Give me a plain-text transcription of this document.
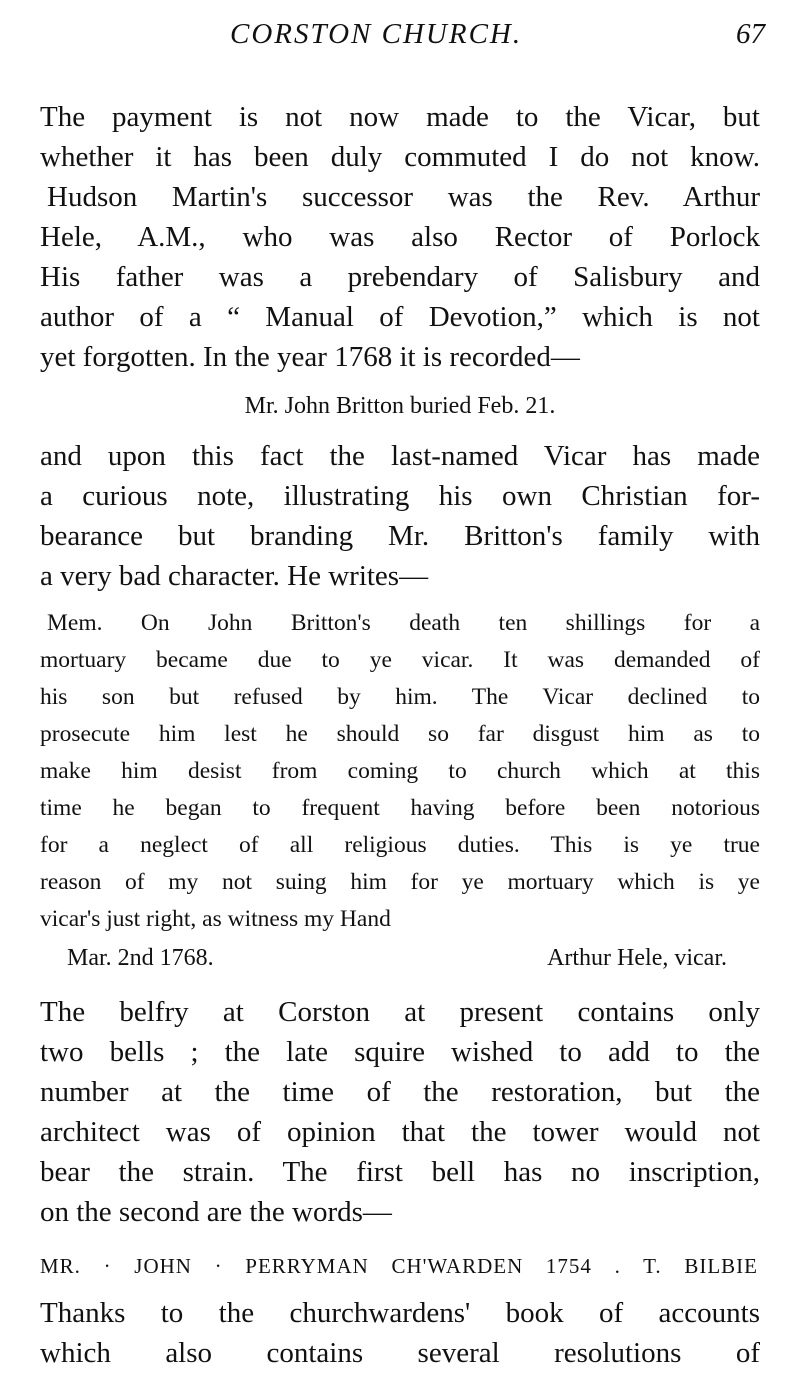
CORSTON CHURCH.	67
The payment is not now made to the Vicar, but
whether it has been duly commuted I do not know.
Hudson Martin's successor was the Rev. Arthur
Hele, A.M., who was also Rector of Porlock
His father was a prebendary of Salisbury and
author of a “ Manual of Devotion,” which is not
yet forgotten. In the year 1768 it is recorded—
Mr. John Britton buried Feb. 21.
and upon this fact the last-named Vicar has made
a curious note, illustrating his own Christian for-
bearance but branding Mr. Britton's family with
a very bad character. He writes—
Mem. On John Britton's death ten shillings for a
mortuary became due to ye vicar. It was demanded of
his son but refused by him. The Vicar declined to
prosecute him lest he should so far disgust him as to
make him desist from coming to church which at this
time he began to frequent having before been notorious
for a neglect of all religious duties. This is ye true
reason of my not suing him for ye mortuary which is ye
vicar's just right, as witness my Hand
Mar. 2nd 1768.	Arthur Hele, vicar.
The belfry at Corston at present contains only
two bells ; the late squire wished to add to the
number at the time of the restoration, but the
architect was of opinion that the tower would not
bear the strain. The first bell has no inscription,
on the second are the words—
MR. · JOHN · PERRYMAN CH'WARDEN 1754 . T. BILBIE
Thanks to the churchwardens' book of accounts
which also contains several resolutions of
